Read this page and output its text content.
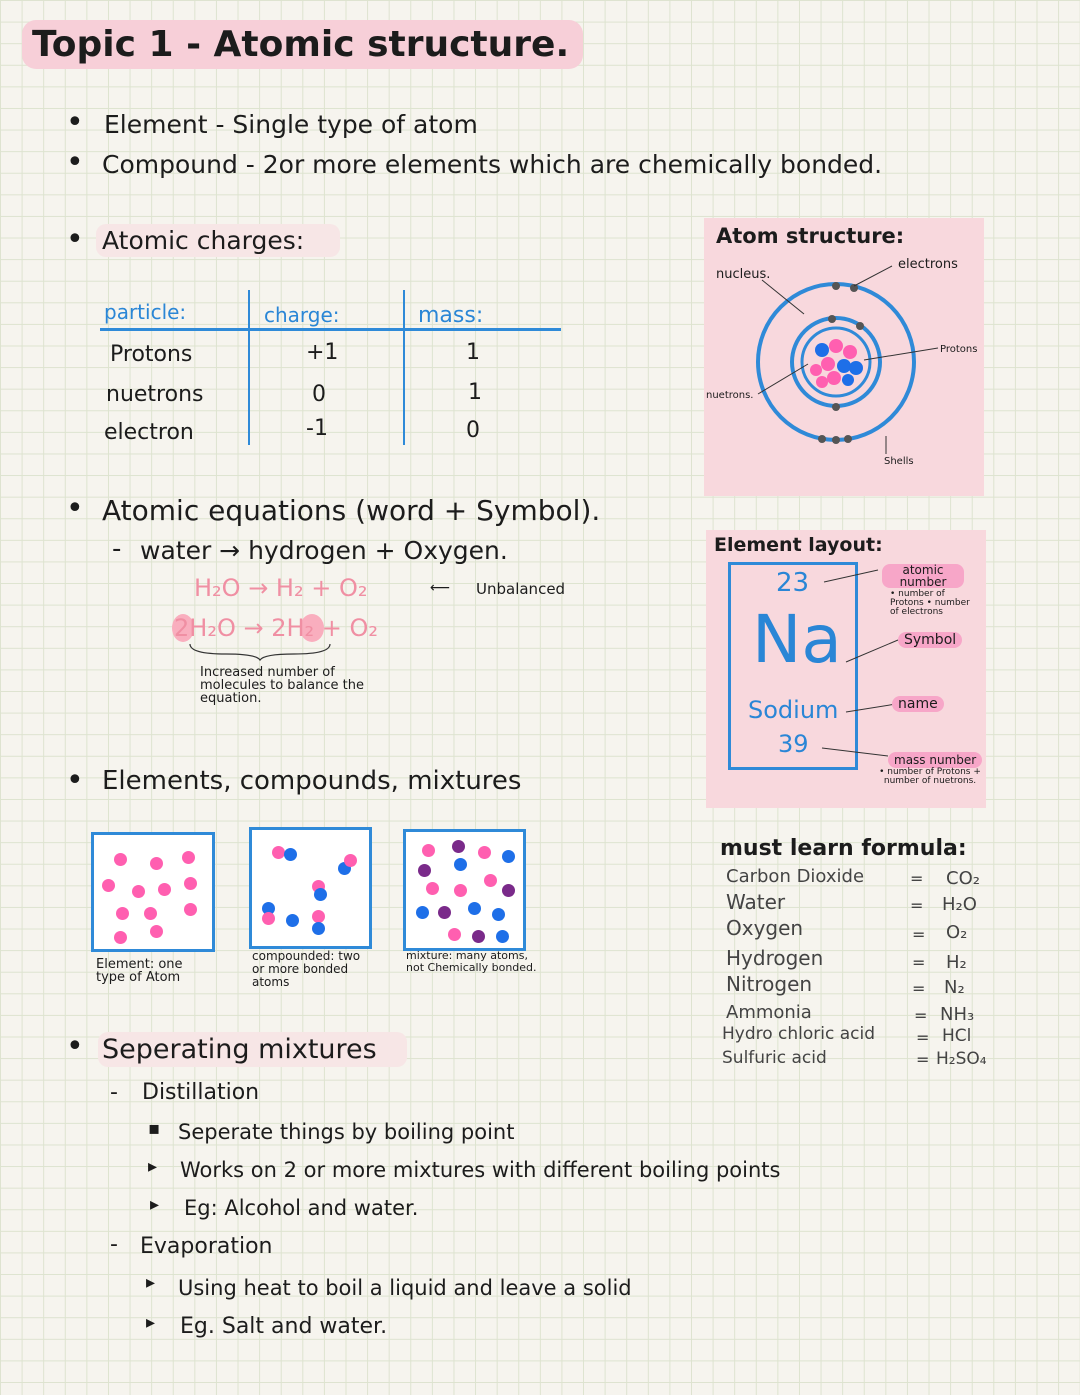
Topic 1 - Atomic structure.
• Element - Single type of atom
• Compound - 2or more elements which are chemically bonded.
• Atomic charges:
particle:	charge:	mass:
Protons	+1	1
nuetrons	0	1
electron	-1	0
Atom structure:
nucleus.
electrons
Protons
nuetrons.
Shells
• Atomic equations (word + Symbol).
- water → hydrogen + Oxygen.
H₂O → H₂ + O₂	⟵ Unbalanced
2H₂O → 2H₂ + O₂
Increased number of molecules to balance the equation.
Element layout:
23
Na
Sodium
39
atomic number
• number of Protons • number of electrons
Symbol
name
mass number
• number of Protons + number of nuetrons.
• Elements, compounds, mixtures
Element: one type of Atom
compounded: two or more bonded atoms
mixture: many atoms, not Chemically bonded.
must learn formula:
Carbon Dioxide	= CO₂
Water	= H₂O
Oxygen	= O₂
Hydrogen	= H₂
Nitrogen	= N₂
Ammonia	= NH₃
Hydro chloric acid	= HCl
Sulfuric acid	= H₂SO₄
• Seperating mixtures
- Distillation
▪ Seperate things by boiling point
▸ Works on 2 or more mixtures with different boiling points
▸ Eg: Alcohol and water.
- Evaporation
▸ Using heat to boil a liquid and leave a solid
▸ Eg. Salt and water.
